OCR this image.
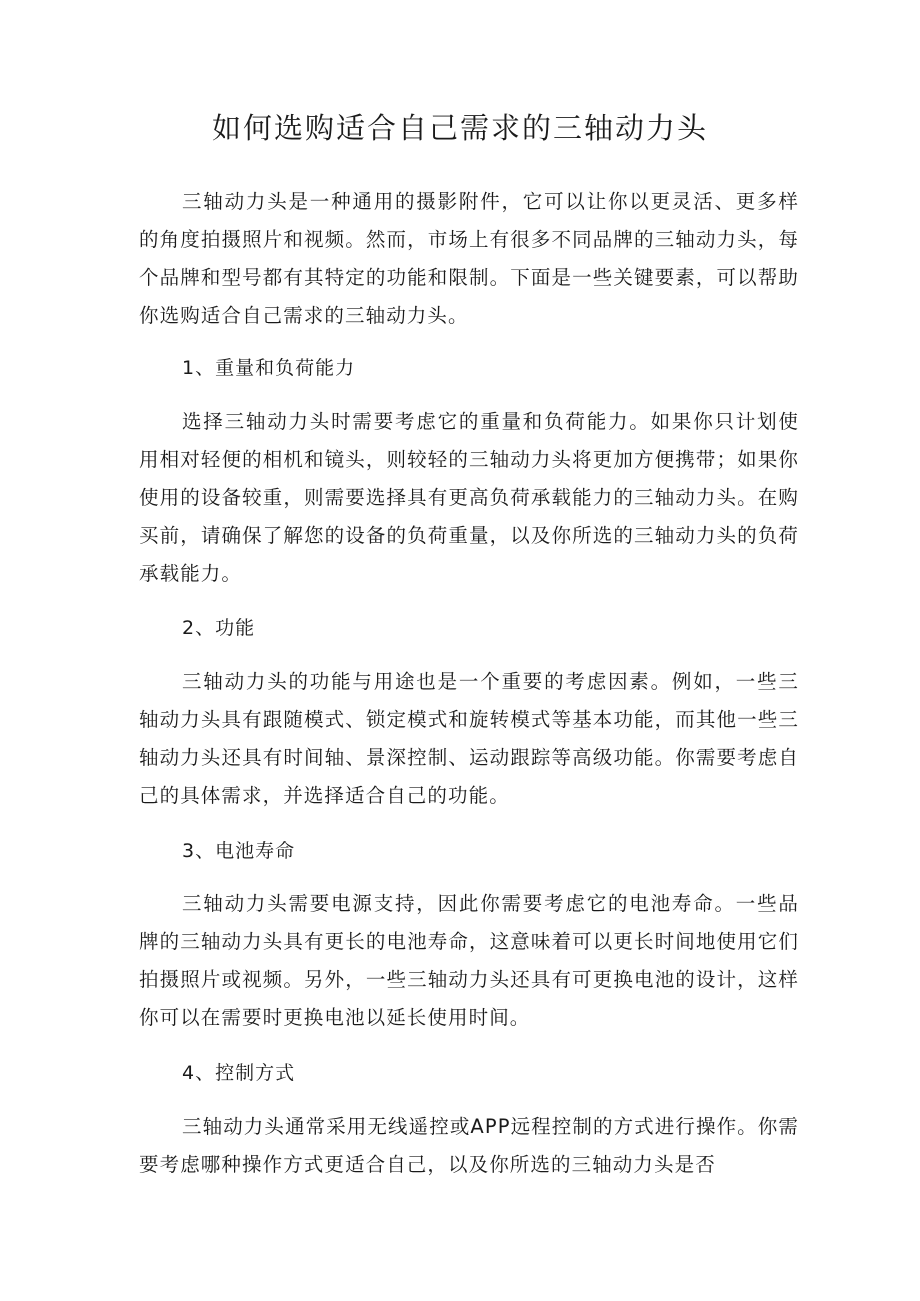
如何选购适合自己需求的三轴动力头

三轴动力头是一种通用的摄影附件，它可以让你以更灵活、更多样的角度拍摄照片和视频。然而，市场上有很多不同品牌的三轴动力头，每个品牌和型号都有其特定的功能和限制。下面是一些关键要素，可以帮助你选购适合自己需求的三轴动力头。

1、重量和负荷能力

选择三轴动力头时需要考虑它的重量和负荷能力。如果你只计划使用相对轻便的相机和镜头，则较轻的三轴动力头将更加方便携带；如果你使用的设备较重，则需要选择具有更高负荷承载能力的三轴动力头。在购买前，请确保了解您的设备的负荷重量，以及你所选的三轴动力头的负荷承载能力。

2、功能

三轴动力头的功能与用途也是一个重要的考虑因素。例如，一些三轴动力头具有跟随模式、锁定模式和旋转模式等基本功能，而其他一些三轴动力头还具有时间轴、景深控制、运动跟踪等高级功能。你需要考虑自己的具体需求，并选择适合自己的功能。

3、电池寿命

三轴动力头需要电源支持，因此你需要考虑它的电池寿命。一些品牌的三轴动力头具有更长的电池寿命，这意味着可以更长时间地使用它们拍摄照片或视频。另外，一些三轴动力头还具有可更换电池的设计，这样你可以在需要时更换电池以延长使用时间。

4、控制方式

三轴动力头通常采用无线遥控或APP远程控制的方式进行操作。你需要考虑哪种操作方式更适合自己，以及你所选的三轴动力头是否
